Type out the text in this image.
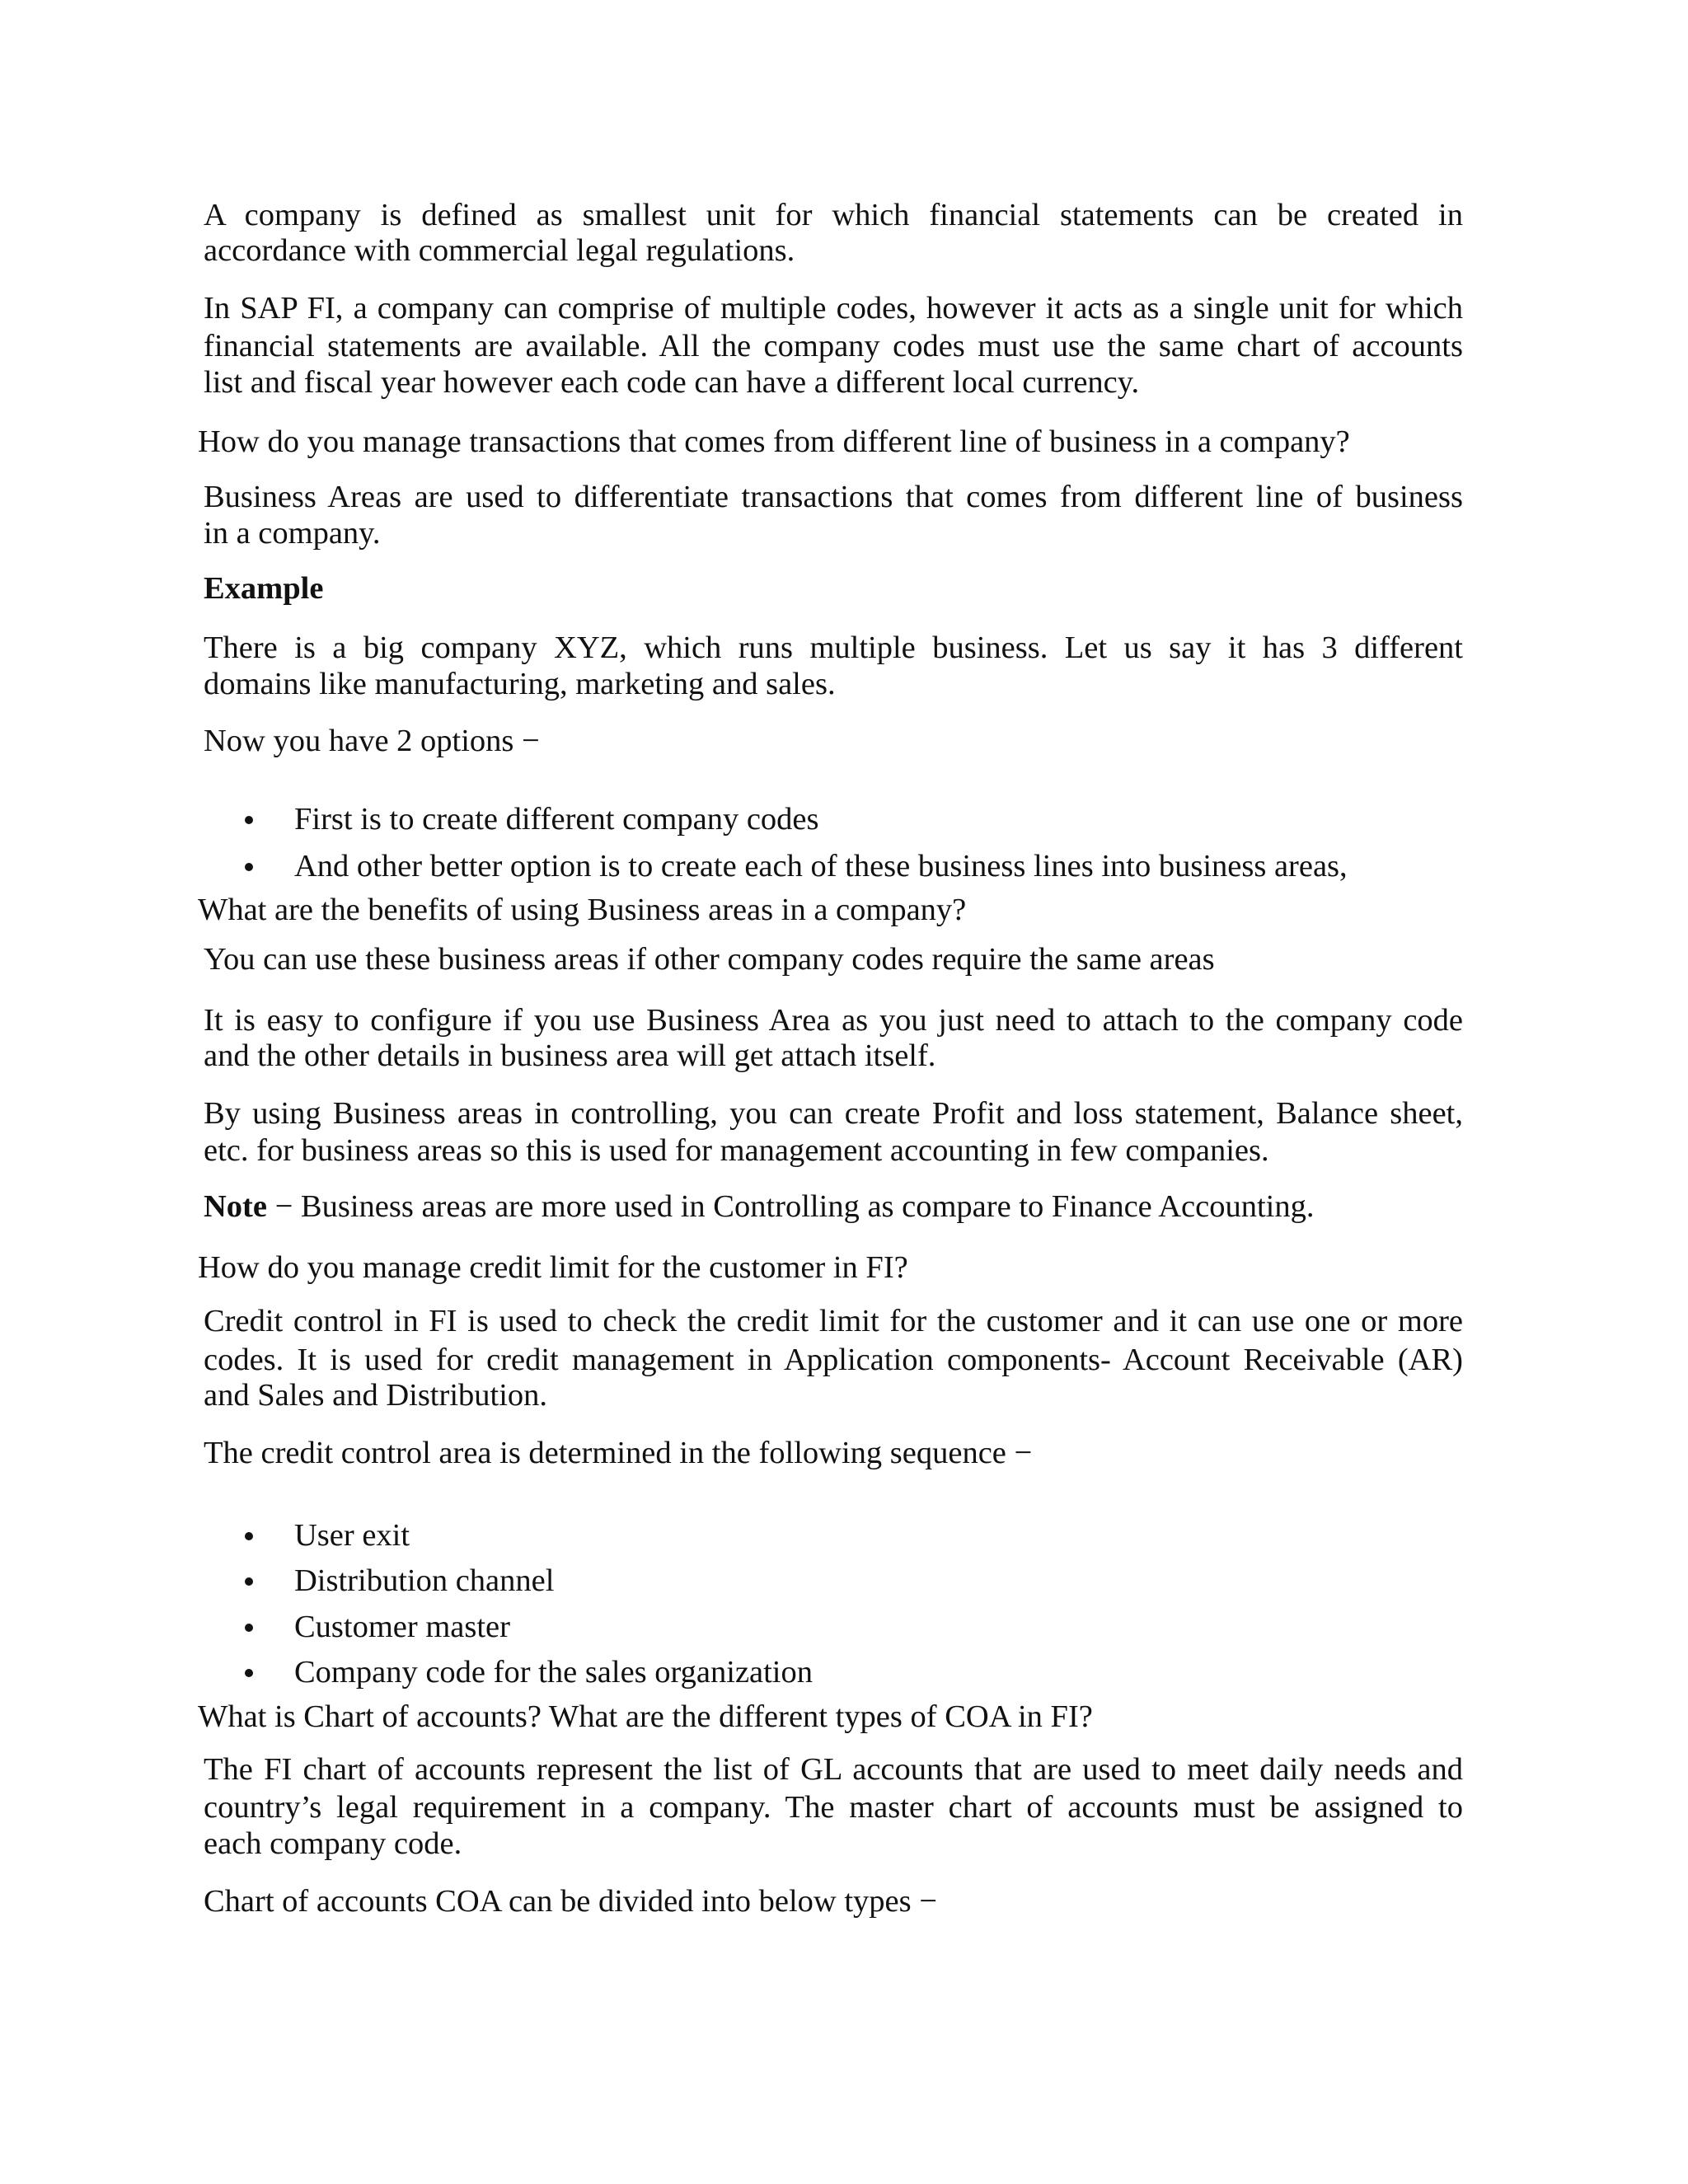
A company is defined as smallest unit for which financial statements can be created in

accordance with commercial legal regulations.

In SAP FI, a company can comprise of multiple codes, however it acts as a single unit for which

financial statements are available. All the company codes must use the same chart of accounts

list and fiscal year however each code can have a different local currency.

How do you manage transactions that comes from different line of business in a company?

Business Areas are used to differentiate transactions that comes from different line of business

in a company.

Example

There is a big company XYZ, which runs multiple business. Let us say it has 3 different

domains like manufacturing, marketing and sales.

Now you have 2 options −

First is to create different company codes

And other better option is to create each of these business lines into business areas,

What are the benefits of using Business areas in a company?

You can use these business areas if other company codes require the same areas

It is easy to configure if you use Business Area as you just need to attach to the company code

and the other details in business area will get attach itself.

By using Business areas in controlling, you can create Profit and loss statement, Balance sheet,

etc. for business areas so this is used for management accounting in few companies.

Note − Business areas are more used in Controlling as compare to Finance Accounting.

How do you manage credit limit for the customer in FI?

Credit control in FI is used to check the credit limit for the customer and it can use one or more

codes. It is used for credit management in Application components- Account Receivable (AR)

and Sales and Distribution.

The credit control area is determined in the following sequence −

User exit

Distribution channel

Customer master

Company code for the sales organization

What is Chart of accounts? What are the different types of COA in FI?

The FI chart of accounts represent the list of GL accounts that are used to meet daily needs and

country’s legal requirement in a company. The master chart of accounts must be assigned to

each company code.

Chart of accounts COA can be divided into below types −
